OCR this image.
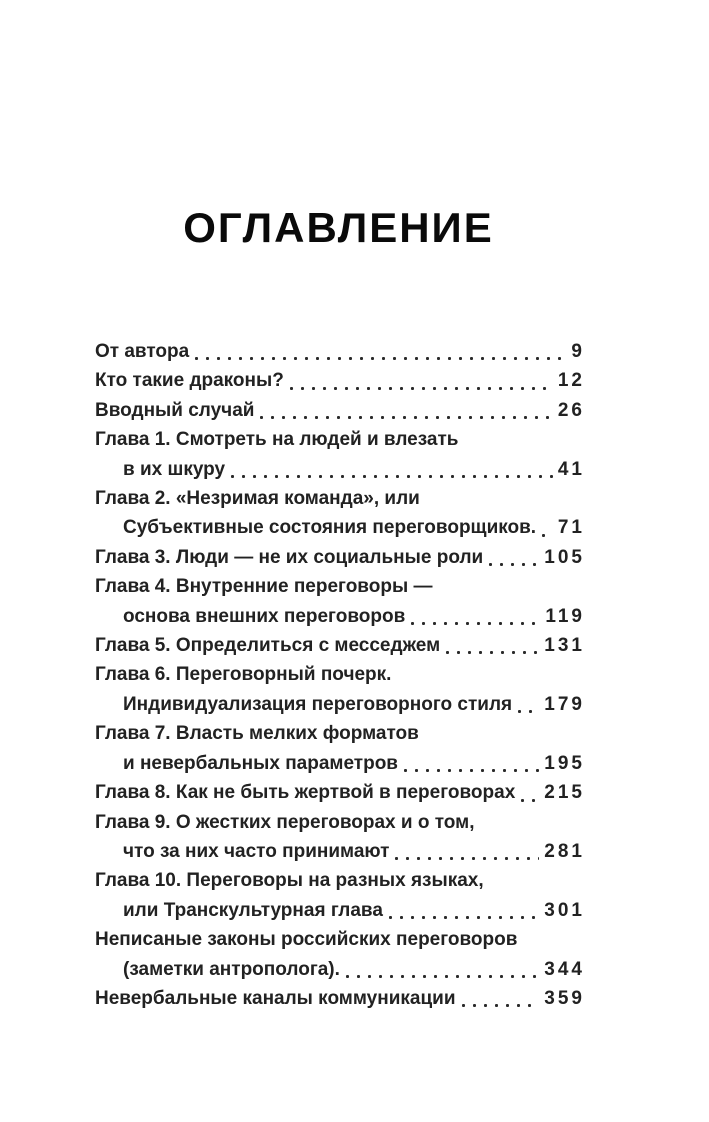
ОГЛАВЛЕНИЕ
От автора	9
Кто такие драконы?	12
Вводный случай	26
Глава 1. Смотреть на людей и влезать
в их шкуру	41
Глава 2. «Незримая команда», или
Субъективные состояния переговорщиков. 71
Глава 3. Люди — не их социальные роли	105
Глава 4. Внутренние переговоры —
основа внешних переговоров	119
Глава 5. Определиться с месседжем	131
Глава 6. Переговорный почерк.
Индивидуализация переговорного стиля 179
Глава 7. Власть мелких форматов
и невербальных параметров	195
Глава 8. Как не быть жертвой в переговорах 215
Глава 9. О жестких переговорах и о том,
что за них часто принимают	281
Глава 10. Переговоры на разных языках,
или Транскультурная глава	301
Неписаные законы российских переговоров
(заметки антрополога).	344
Невербальные каналы коммуникации	359
